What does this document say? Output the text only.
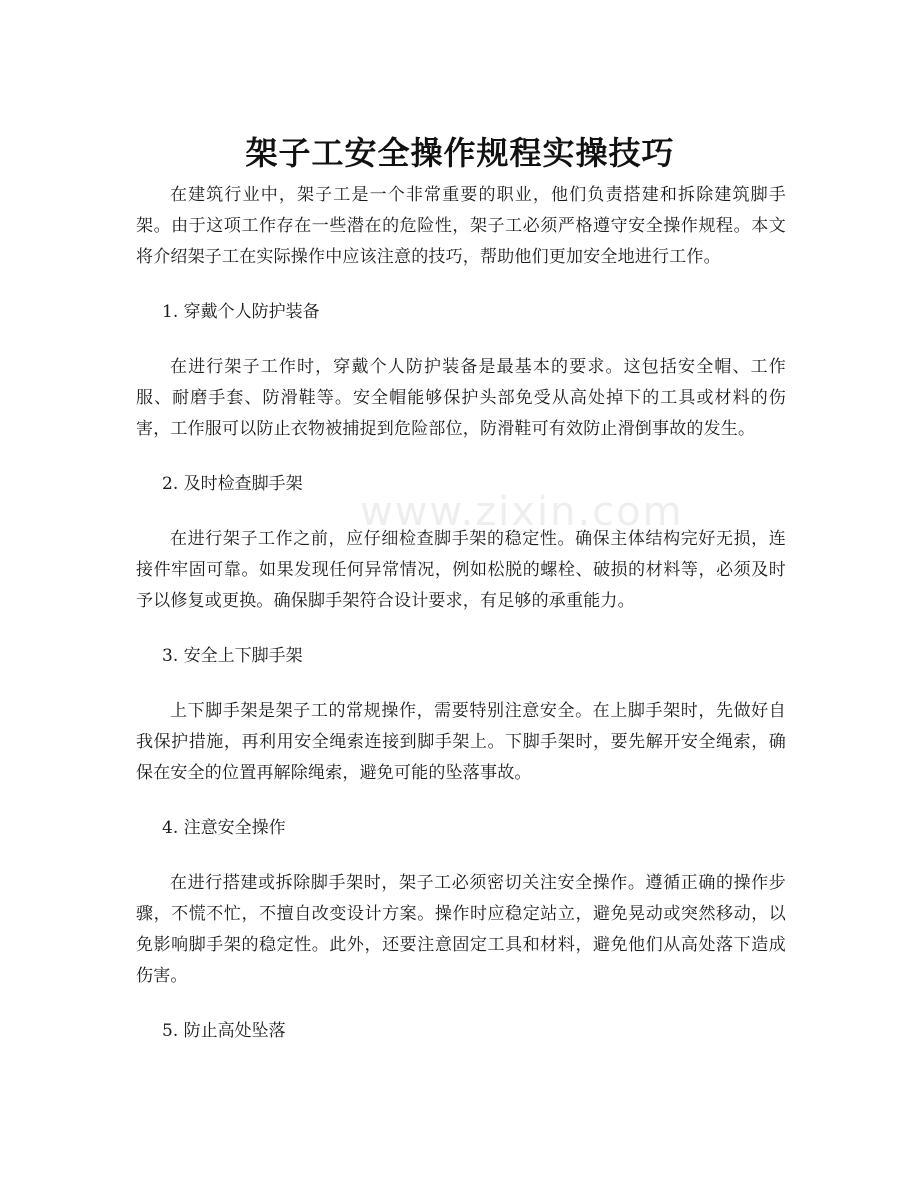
架子工安全操作规程实操技巧
www.zixin.com

在建筑行业中，架子工是一个非常重要的职业，他们负责搭建和拆除建筑脚手架。由于这项工作存在一些潜在的危险性，架子工必须严格遵守安全操作规程。本文将介绍架子工在实际操作中应该注意的技巧，帮助他们更加安全地进行工作。

1. 穿戴个人防护装备

在进行架子工作时，穿戴个人防护装备是最基本的要求。这包括安全帽、工作服、耐磨手套、防滑鞋等。安全帽能够保护头部免受从高处掉下的工具或材料的伤害，工作服可以防止衣物被捕捉到危险部位，防滑鞋可有效防止滑倒事故的发生。

2. 及时检查脚手架

在进行架子工作之前，应仔细检查脚手架的稳定性。确保主体结构完好无损，连接件牢固可靠。如果发现任何异常情况，例如松脱的螺栓、破损的材料等，必须及时予以修复或更换。确保脚手架符合设计要求，有足够的承重能力。

3. 安全上下脚手架

上下脚手架是架子工的常规操作，需要特别注意安全。在上脚手架时，先做好自我保护措施，再利用安全绳索连接到脚手架上。下脚手架时，要先解开安全绳索，确保在安全的位置再解除绳索，避免可能的坠落事故。

4. 注意安全操作

在进行搭建或拆除脚手架时，架子工必须密切关注安全操作。遵循正确的操作步骤，不慌不忙，不擅自改变设计方案。操作时应稳定站立，避免晃动或突然移动，以免影响脚手架的稳定性。此外，还要注意固定工具和材料，避免他们从高处落下造成伤害。

5. 防止高处坠落
